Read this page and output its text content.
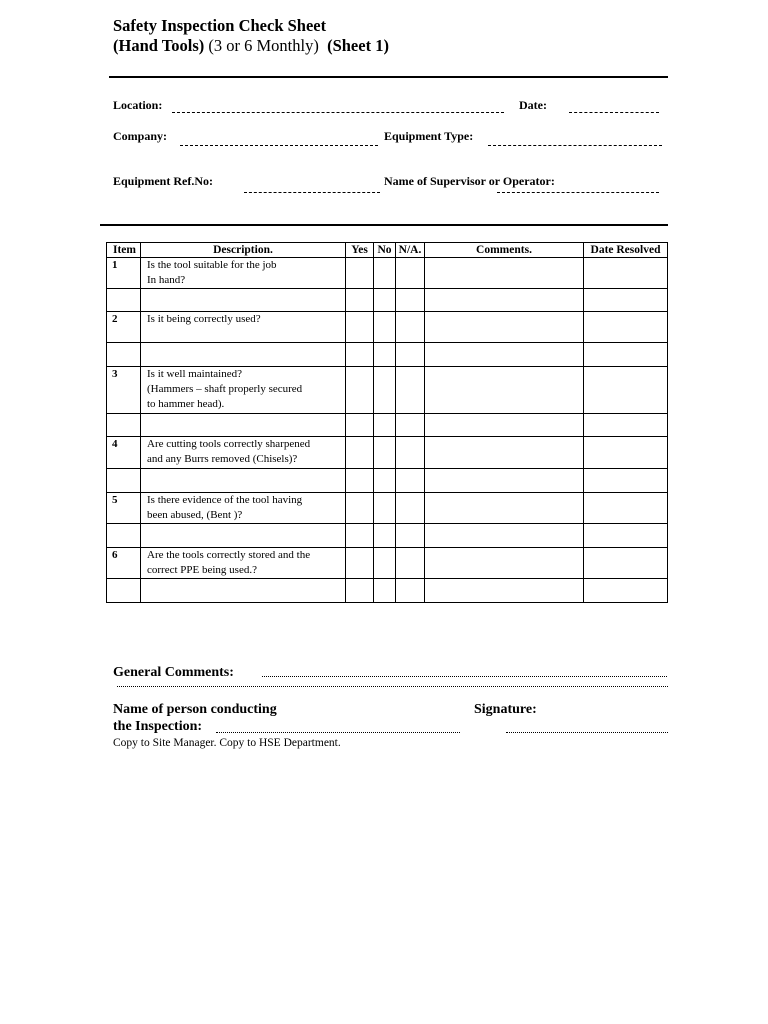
Safety Inspection Check Sheet
(Hand Tools) (3 or 6 Monthly) (Sheet 1)
Location:	Date:
Company:	Equipment Type:
Equipment Ref.No:	Name of Supervisor or Operator:
Item	Description.	Yes	No	N/A.	Comments.	Date Resolved
1	Is the tool suitable for the job
In hand?					

2	Is it being correctly used?					

3	Is it well maintained?
(Hammers – shaft properly secured
to hammer head).					

4	Are cutting tools correctly sharpened
and any Burrs removed (Chisels)?					

5	Is there evidence of the tool having
been abused, (Bent )?					

6	Are the tools correctly stored and the
correct PPE being used.?					

General Comments:
Name of person conducting
the Inspection:
Signature:
Copy to Site Manager. Copy to HSE Department.
